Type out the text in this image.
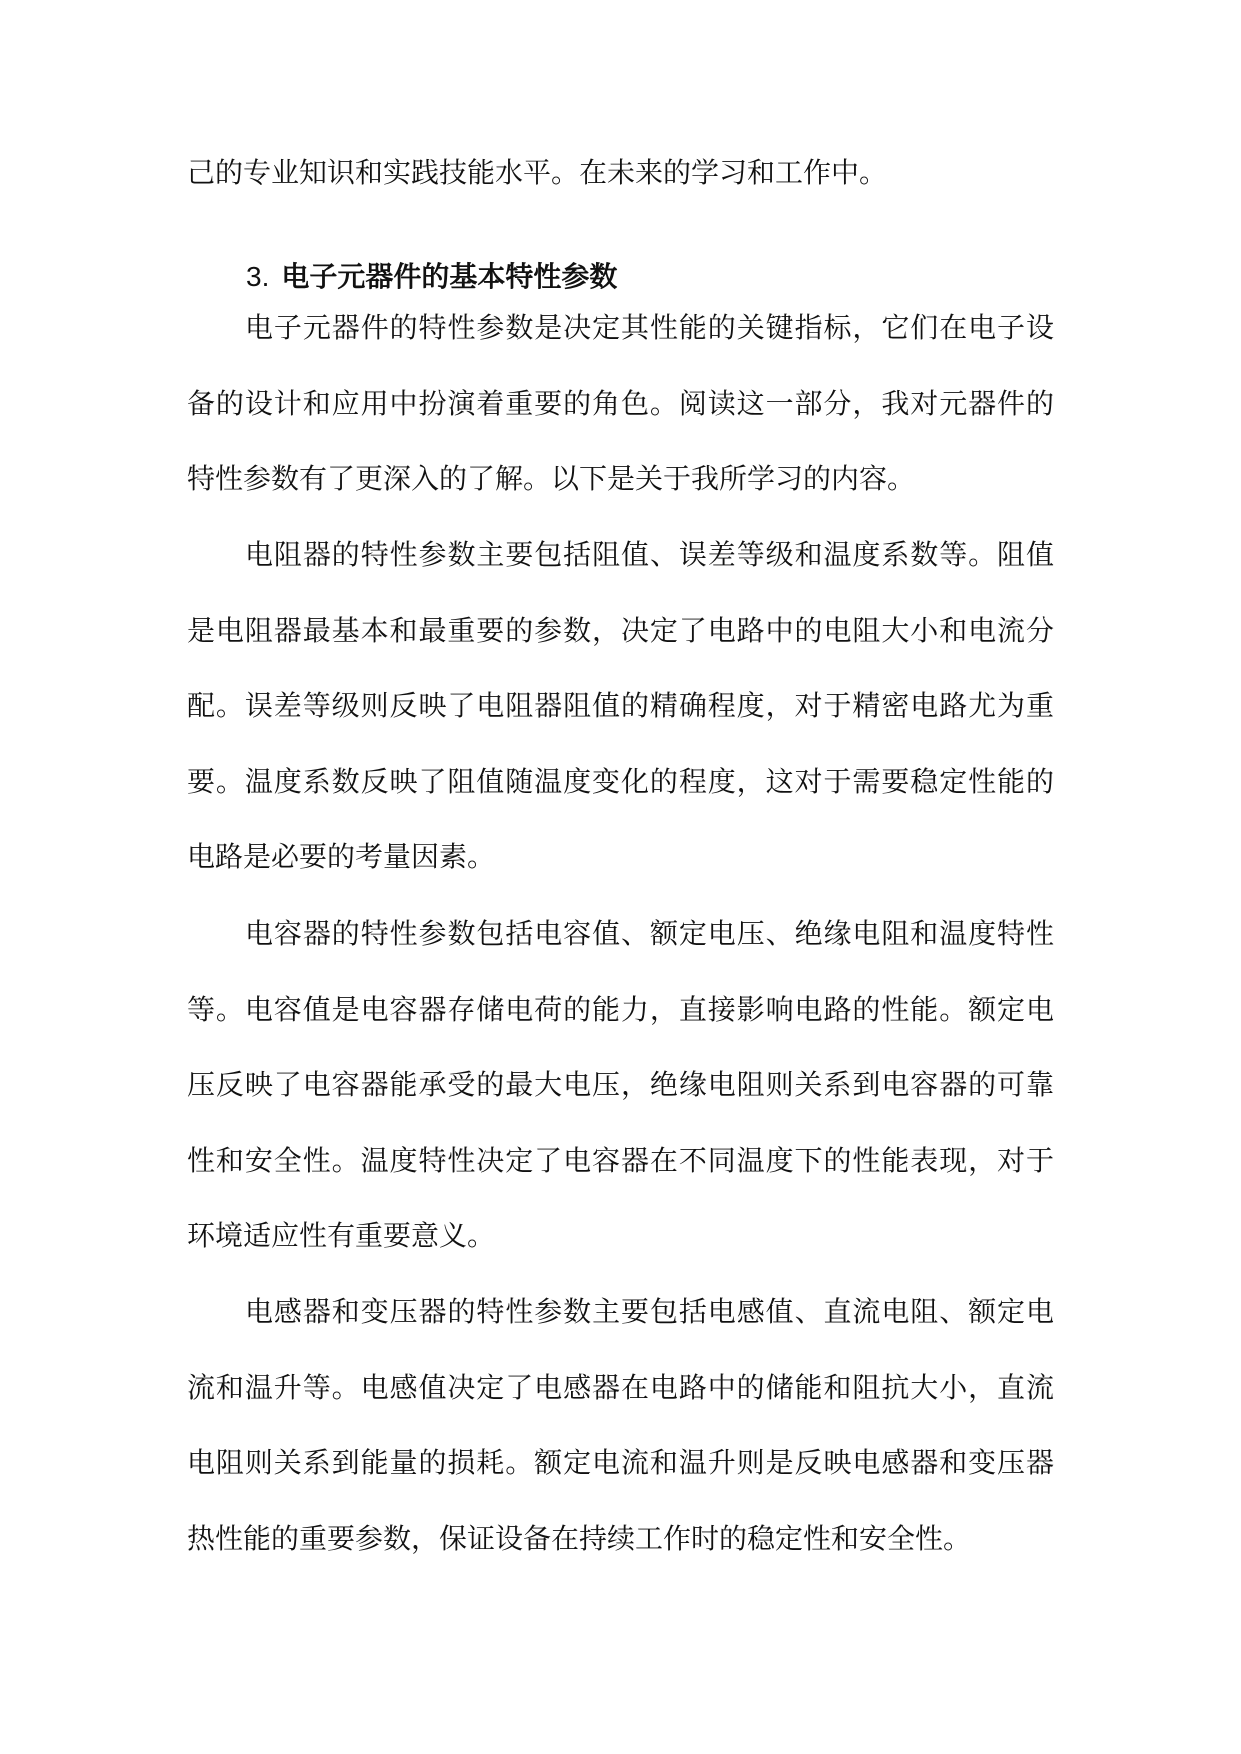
己的专业知识和实践技能水平。在未来的学习和工作中。

3. 电子元器件的基本特性参数

电子元器件的特性参数是决定其性能的关键指标，它们在电子设备的设计和应用中扮演着重要的角色。阅读这一部分，我对元器件的特性参数有了更深入的了解。以下是关于我所学习的内容。

电阻器的特性参数主要包括阻值、误差等级和温度系数等。阻值是电阻器最基本和最重要的参数，决定了电路中的电阻大小和电流分配。误差等级则反映了电阻器阻值的精确程度，对于精密电路尤为重要。温度系数反映了阻值随温度变化的程度，这对于需要稳定性能的电路是必要的考量因素。

电容器的特性参数包括电容值、额定电压、绝缘电阻和温度特性等。电容值是电容器存储电荷的能力，直接影响电路的性能。额定电压反映了电容器能承受的最大电压，绝缘电阻则关系到电容器的可靠性和安全性。温度特性决定了电容器在不同温度下的性能表现，对于环境适应性有重要意义。

电感器和变压器的特性参数主要包括电感值、直流电阻、额定电流和温升等。电感值决定了电感器在电路中的储能和阻抗大小，直流电阻则关系到能量的损耗。额定电流和温升则是反映电感器和变压器热性能的重要参数，保证设备在持续工作时的稳定性和安全性。
